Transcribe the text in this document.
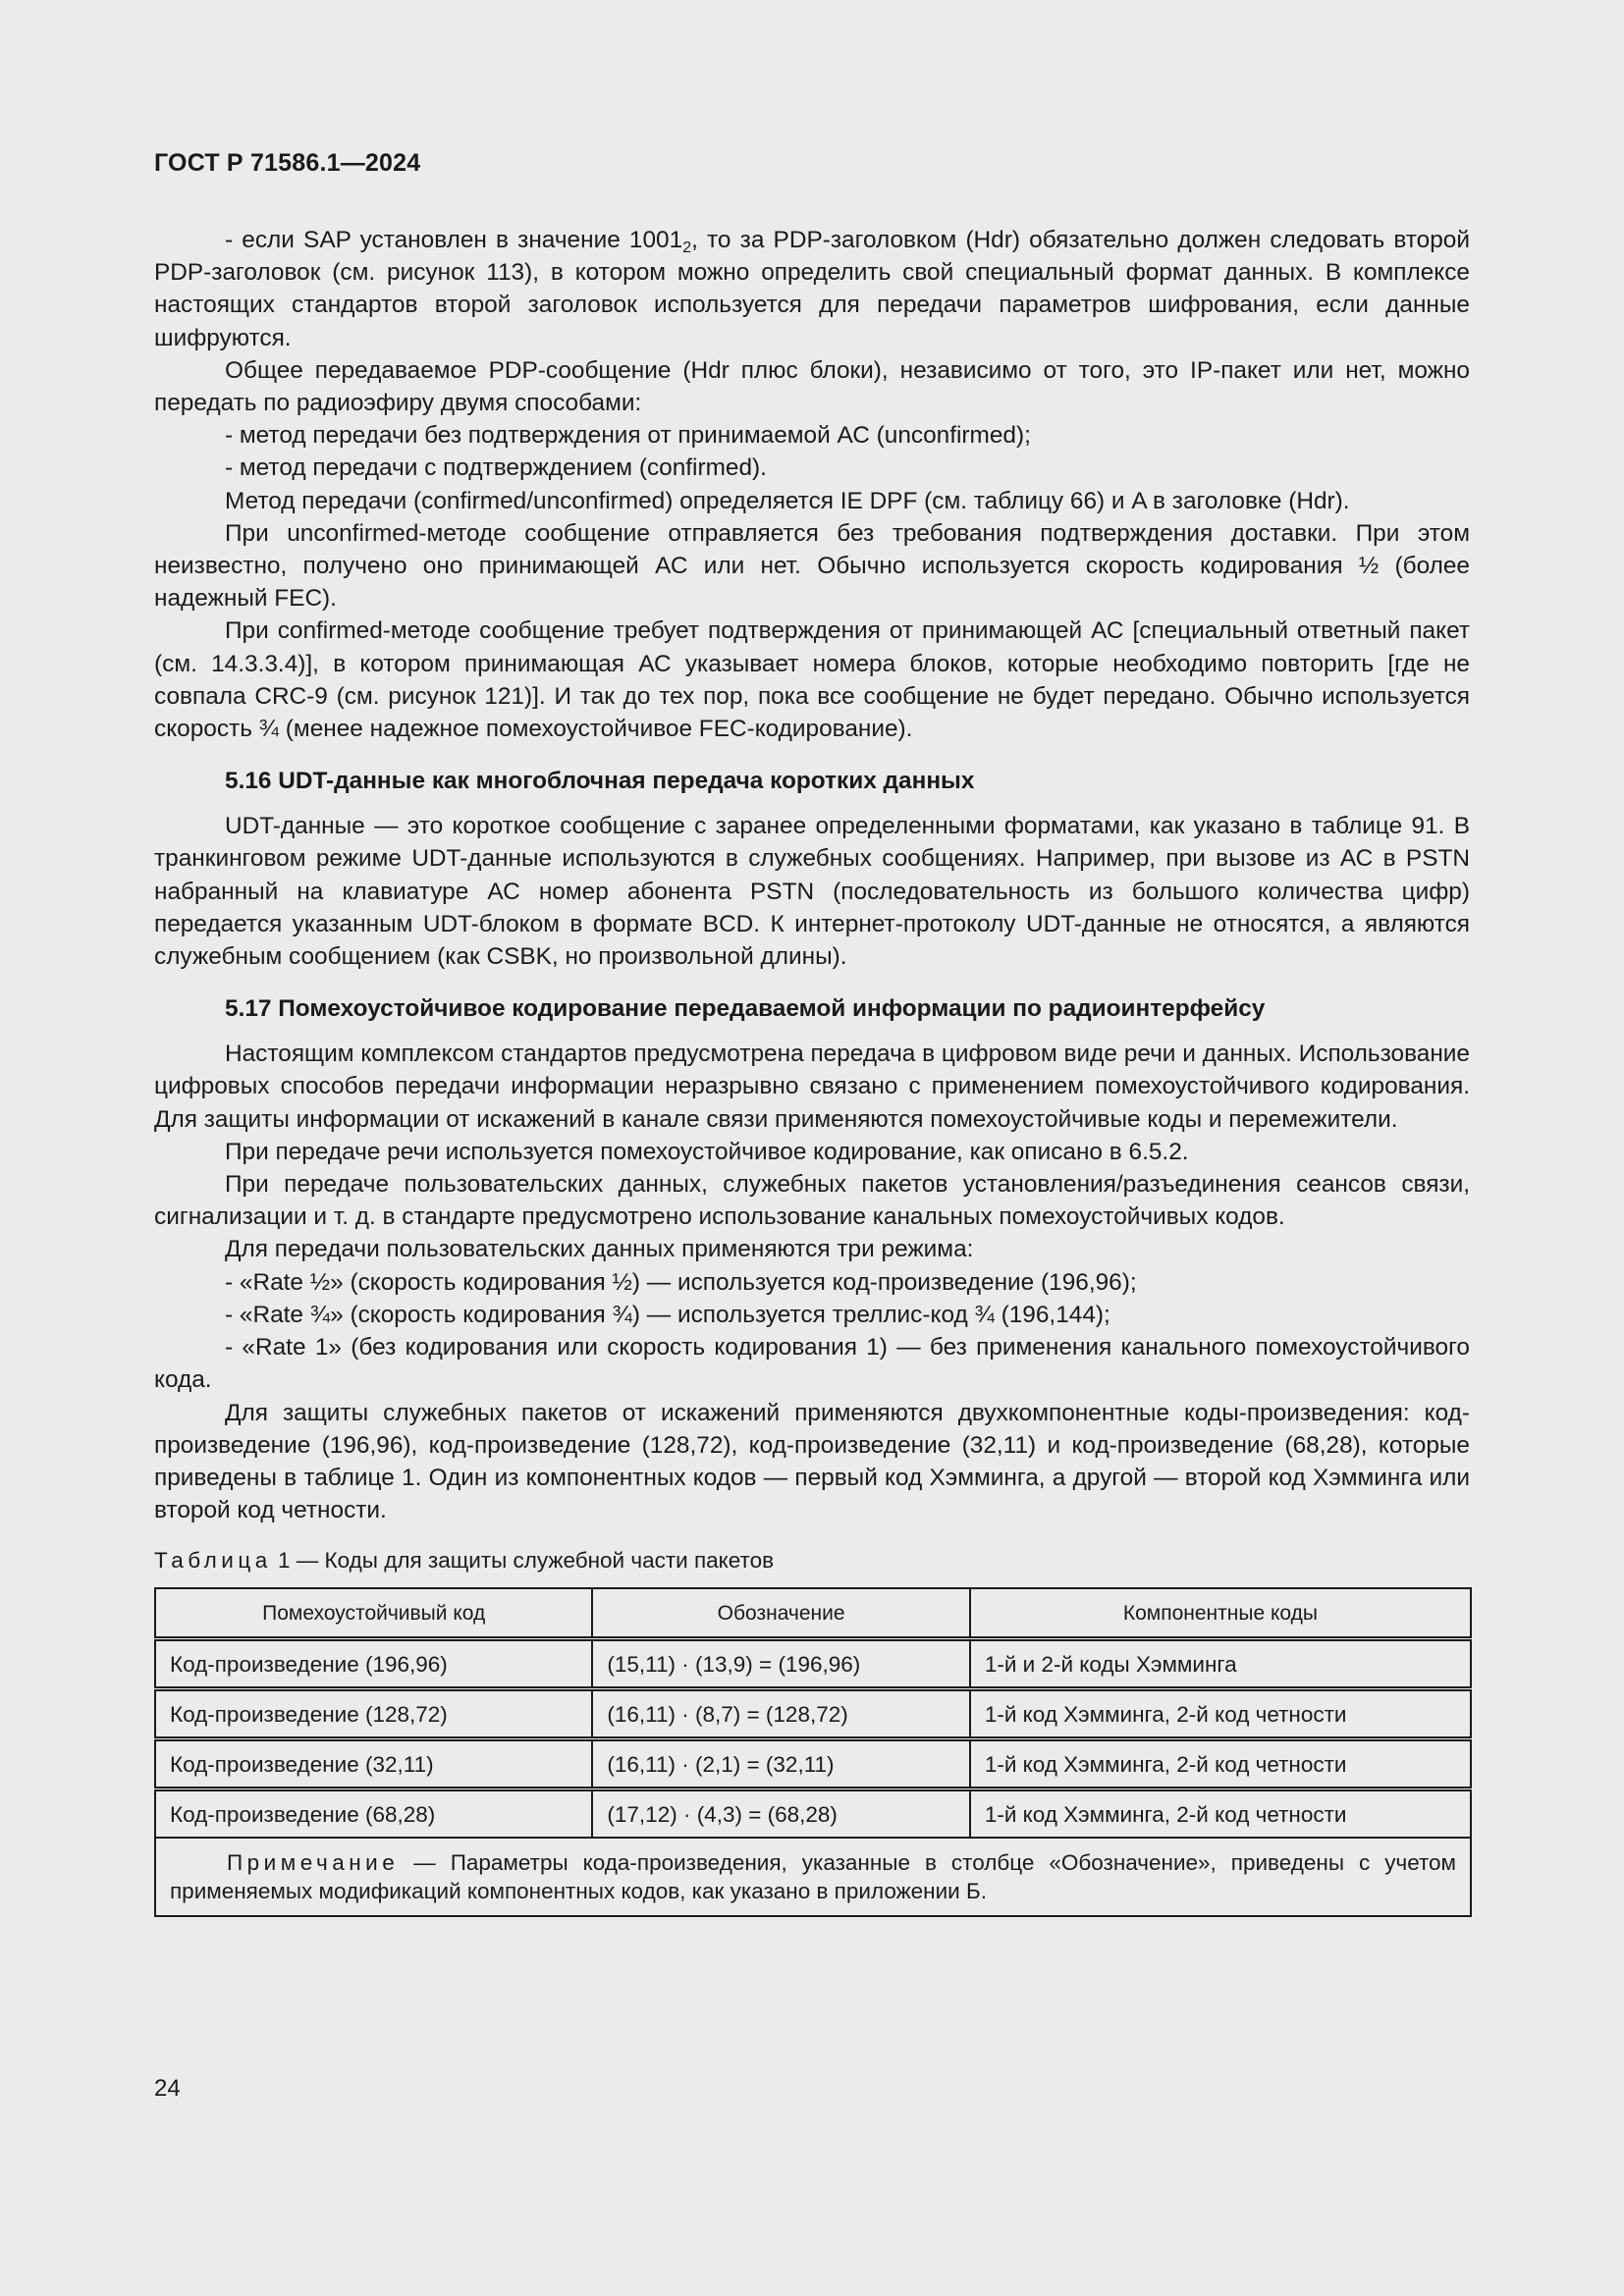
ГОСТ Р 71586.1—2024

- если SAP установлен в значение $1001_2$, то за PDP-заголовком (Hdr) обязательно должен следовать второй PDP-заголовок (см. рисунок 113), в котором можно определить свой специальный формат данных. В комплексе настоящих стандартов второй заголовок используется для передачи параметров шифрования, если данные шифруются.

Общее передаваемое PDP-сообщение (Hdr плюс блоки), независимо от того, это IP-пакет или нет, можно передать по радиоэфиру двумя способами:

- метод передачи без подтверждения от принимаемой АС (unconfirmed);

- метод передачи с подтверждением (confirmed).

Метод передачи (confirmed/unconfirmed) определяется IE DPF (см. таблицу 66) и A в заголовке (Hdr).

При unconfirmed-методе сообщение отправляется без требования подтверждения доставки. При этом неизвестно, получено оно принимающей АС или нет. Обычно используется скорость кодирования ½ (более надежный FEC).

При confirmed-методе сообщение требует подтверждения от принимающей АС [специальный ответный пакет (см. 14.3.3.4)], в котором принимающая АС указывает номера блоков, которые необходимо повторить [где не совпала CRC-9 (см. рисунок 121)]. И так до тех пор, пока все сообщение не будет передано. Обычно используется скорость ¾ (менее надежное помехоустойчивое FEC-кодирование).

5.16 UDT-данные как многоблочная передача коротких данных

UDT-данные — это короткое сообщение с заранее определенными форматами, как указано в таблице 91. В транкинговом режиме UDT-данные используются в служебных сообщениях. Например, при вызове из АС в PSTN набранный на клавиатуре АС номер абонента PSTN (последовательность из большого количества цифр) передается указанным UDT-блоком в формате BCD. К интернет-протоколу UDT-данные не относятся, а являются служебным сообщением (как CSBK, но произвольной длины).

5.17 Помехоустойчивое кодирование передаваемой информации по радиоинтерфейсу

Настоящим комплексом стандартов предусмотрена передача в цифровом виде речи и данных. Использование цифровых способов передачи информации неразрывно связано с применением помехоустойчивого кодирования. Для защиты информации от искажений в канале связи применяются помехоустойчивые коды и перемежители.

При передаче речи используется помехоустойчивое кодирование, как описано в 6.5.2.

При передаче пользовательских данных, служебных пакетов установления/разъединения сеансов связи, сигнализации и т. д. в стандарте предусмотрено использование канальных помехоустойчивых кодов.

Для передачи пользовательских данных применяются три режима:

- «Rate ½» (скорость кодирования ½) — используется код-произведение (196,96);

- «Rate ¾» (скорость кодирования ¾) — используется треллис-код ¾ (196,144);

- «Rate 1» (без кодирования или скорость кодирования 1) — без применения канального помехоустойчивого кода.

Для защиты служебных пакетов от искажений применяются двухкомпонентные коды-произведения: код-произведение (196,96), код-произведение (128,72), код-произведение (32,11) и код-произведение (68,28), которые приведены в таблице 1. Один из компонентных кодов — первый код Хэмминга, а другой — второй код Хэмминга или второй код четности.

Таблица 1 — Коды для защиты служебной части пакетов
Помехоустойчивый код	Обозначение	Компонентные коды
Код-произведение (196,96)	(15,11) · (13,9) = (196,96)	1-й и 2-й коды Хэмминга
Код-произведение (128,72)	(16,11) · (8,7) = (128,72)	1-й код Хэмминга, 2-й код четности
Код-произведение (32,11)	(16,11) · (2,1) = (32,11)	1-й код Хэмминга, 2-й код четности
Код-произведение (68,28)	(17,12) · (4,3) = (68,28)	1-й код Хэмминга, 2-й код четности
Примечание — Параметры кода-произведения, указанные в столбце «Обозначение», приведены с учетом применяемых модификаций компонентных кодов, как указано в приложении Б.		
24
